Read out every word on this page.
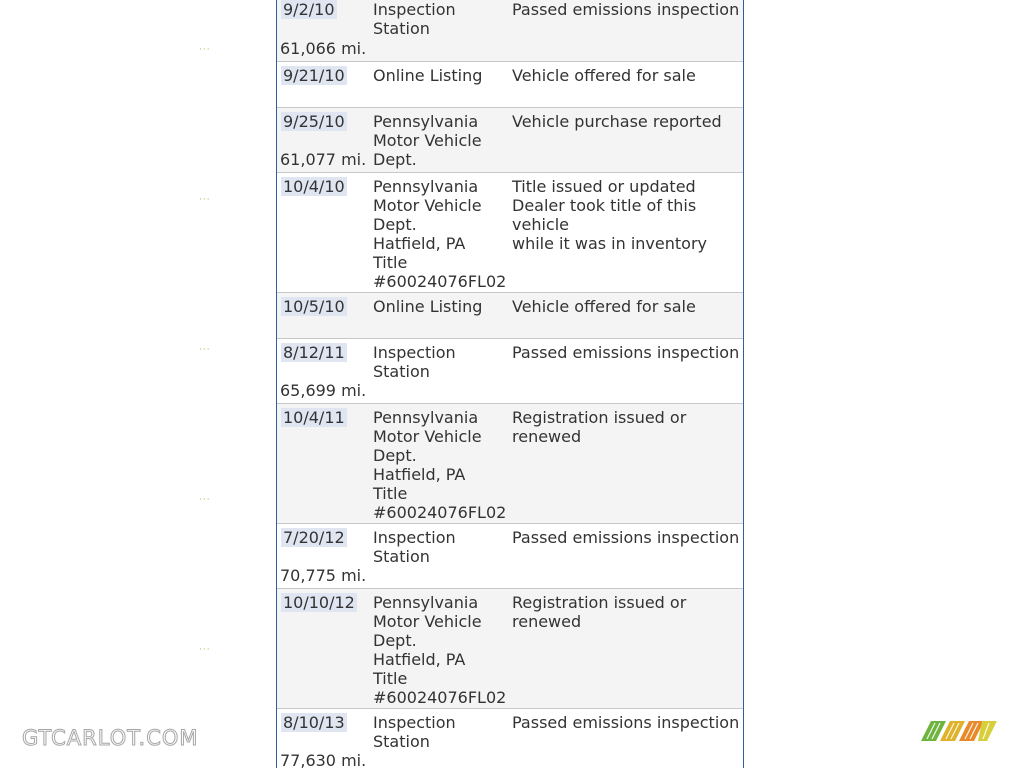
···
···
···
···
···
9/2/10 Inspection Station
Passed emissions inspection
61,066 mi.
9/21/10 Online Listing	Vehicle offered for sale
9/25/10 Pennsylvania
Motor Vehicle
Dept.
Vehicle purchase reported
61,077 mi.
10/4/10 Pennsylvania
Motor Vehicle
Dept.
Hatfield, PA
Title
#60024076FL02
Title issued or updated
Dealer took title of this vehicle
while it was in inventory
10/5/10 Online Listing	Vehicle offered for sale
8/12/11 Inspection Station
Passed emissions inspection
65,699 mi.
10/4/11 Pennsylvania
Motor Vehicle
Dept.
Hatfield, PA
Title
#60024076FL02
Registration issued or renewed
7/20/12 Inspection Station
Passed emissions inspection
70,775 mi.
10/10/12 Pennsylvania
Motor Vehicle
Dept.
Hatfield, PA
Title
#60024076FL02
Registration issued or renewed
8/10/13 Inspection Station
Passed emissions inspection
77,630 mi.
GTCARLOT.COM
